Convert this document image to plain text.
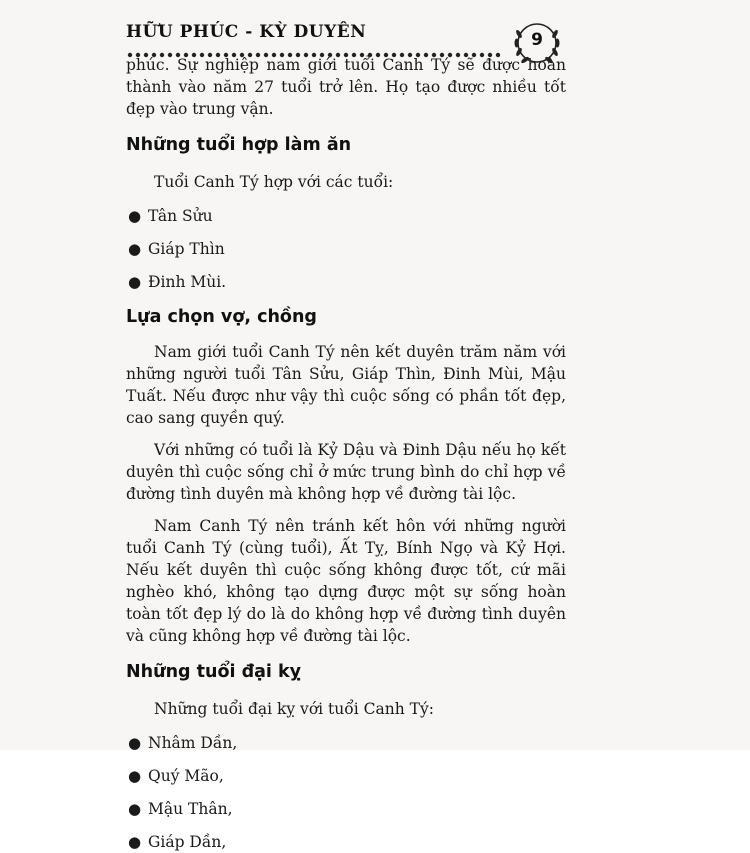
HỮU PHÚC - KỲ DUYÊN	9

phúc. Sự nghiệp nam giới tuổi Canh Tý sẽ được hoàn thành vào năm 27 tuổi trở lên. Họ tạo được nhiều tốt đẹp vào trung vận.

Những tuổi hợp làm ăn

Tuổi Canh Tý hợp với các tuổi:

● Tân Sửu
● Giáp Thìn
● Đinh Mùi.
Lựa chọn vợ, chồng

Nam giới tuổi Canh Tý nên kết duyên trăm năm với những người tuổi Tân Sửu, Giáp Thìn, Đinh Mùi, Mậu Tuất. Nếu được như vậy thì cuộc sống có phần tốt đẹp, cao sang quyền quý.

Với những có tuổi là Kỷ Dậu và Đinh Dậu nếu họ kết duyên thì cuộc sống chỉ ở mức trung bình do chỉ hợp về đường tình duyên mà không hợp về đường tài lộc.

Nam Canh Tý nên tránh kết hôn với những người tuổi Canh Tý (cùng tuổi), Ất Tỵ, Bính Ngọ và Kỷ Hợi. Nếu kết duyên thì cuộc sống không được tốt, cứ mãi nghèo khó, không tạo dựng được một sự sống hoàn toàn tốt đẹp lý do là do không hợp về đường tình duyên và cũng không hợp về đường tài lộc.

Những tuổi đại kỵ

Những tuổi đại kỵ với tuổi Canh Tý:

● Nhâm Dần,
● Quý Mão,
● Mậu Thân,
● Giáp Dần,
